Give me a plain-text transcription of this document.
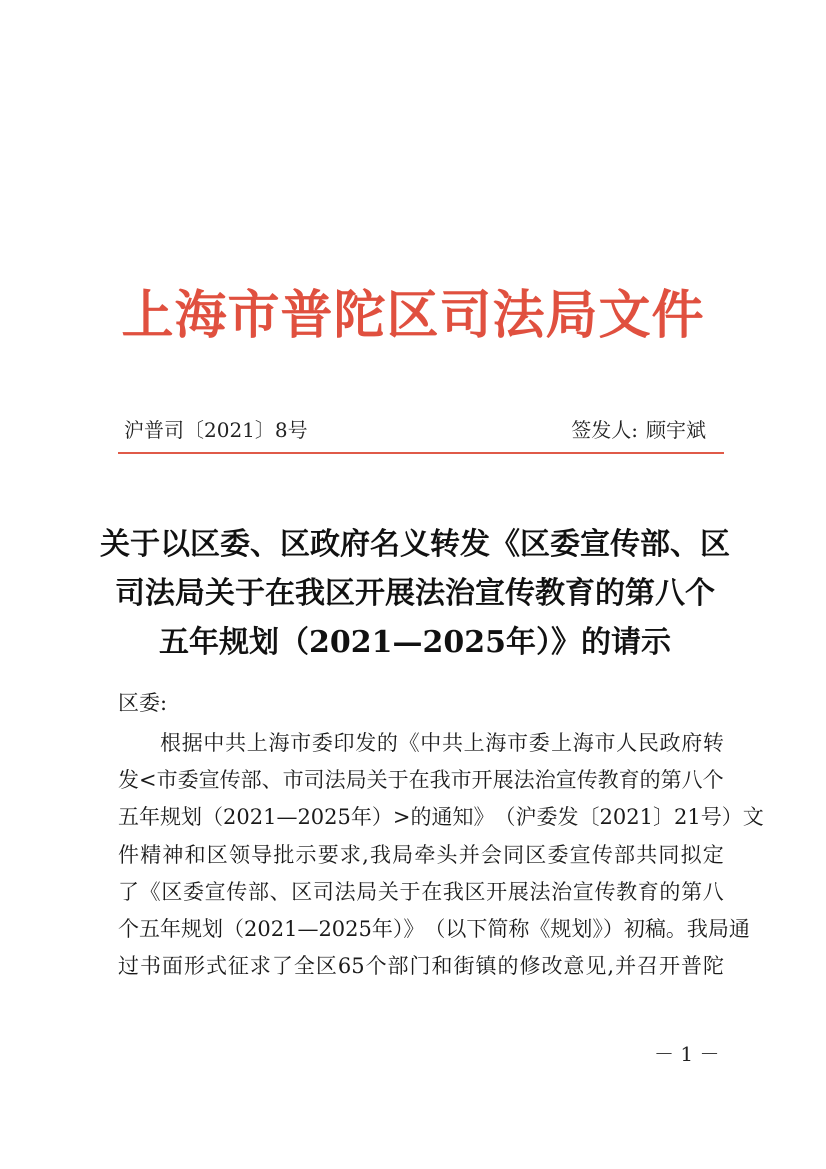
上海市普陀区司法局文件
沪普司〔2021〕8号	签发人: 顾宇斌
关于以区委、区政府名义转发《区委宣传部、区
司法局关于在我区开展法治宣传教育的第八个
五年规划（2021—2025年）》的请示
区委:
根 据 中 共 上 海 市 委 印 发 的 《 中 共 上 海 市 委 上 海 市 人 民 政 府 转
发 < 市 委 宣 传 部 、 市 司 法 局 关 于 在 我 市 开 展 法 治 宣 传 教 育 的 第 八 个
五 年 规 划 （ 2021—2025 年 ） > 的 通 知 》 （ 沪 委 发 〔 2021 〕 21 号 ） 文
件 精 神 和 区 领 导 批 示 要 求 , 我 局 牵 头 并 会 同 区 委 宣 传 部 共 同 拟 定
了 《 区 委 宣 传 部 、 区 司 法 局 关 于 在 我 区 开 展 法 治 宣 传 教 育 的 第 八
个 五 年 规 划 （ 2021—2025 年 ）》 （ 以 下 简 称 《 规 划 》） 初 稿 。 我 局 通
过 书 面 形 式 征 求 了 全 区 65 个 部 门 和 街 镇 的 修 改 意 见 , 并 召 开 普 陀
－ 1 －
